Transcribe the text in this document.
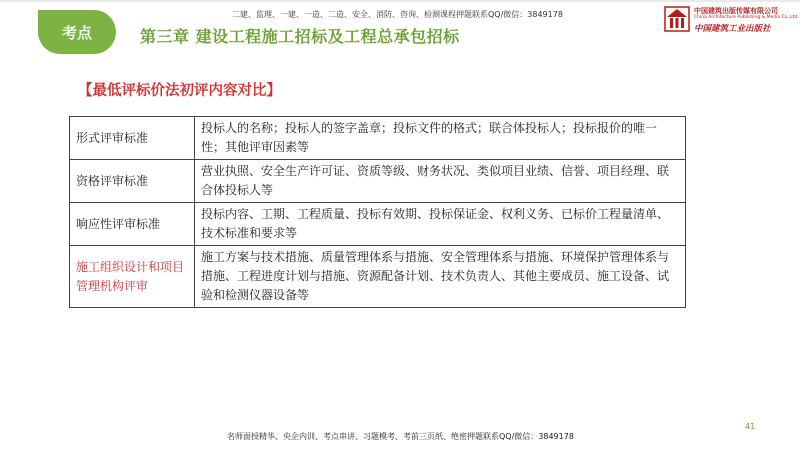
考点	第三章 建设工程施工招标及工程总承包招标
二建、监理、一建、一造、二造、安全、消防、咨询、检测课程押题联系QQ/微信：3849178	中国建筑出版传媒有限公司
China Architecture Publishing & Media Co.,Ltd.
中国建筑工业出版社
【最低评标价法初评内容对比】
形式评审标准	投标人的名称；投标人的签字盖章；投标文件的格式；联合体投标人；投标报价的唯一性；其他评审因素等
资格评审标准	营业执照、安全生产许可证、资质等级、财务状况、类似项目业绩、信誉、项目经理、联合体投标人等
响应性评审标准	投标内容、工期、工程质量、投标有效期、投标保证金、权利义务、已标价工程量清单、技术标准和要求等
施工组织设计和项目管理机构评审	施工方案与技术措施、质量管理体系与措施、安全管理体系与措施、环境保护管理体系与措施、工程进度计划与措施、资源配备计划、技术负责人、其他主要成员、施工设备、试验和检测仪器设备等
41
名师面授精华、央企内训、考点串讲、习题模考、考前三页纸、绝密押题联系QQ/微信：3849178
